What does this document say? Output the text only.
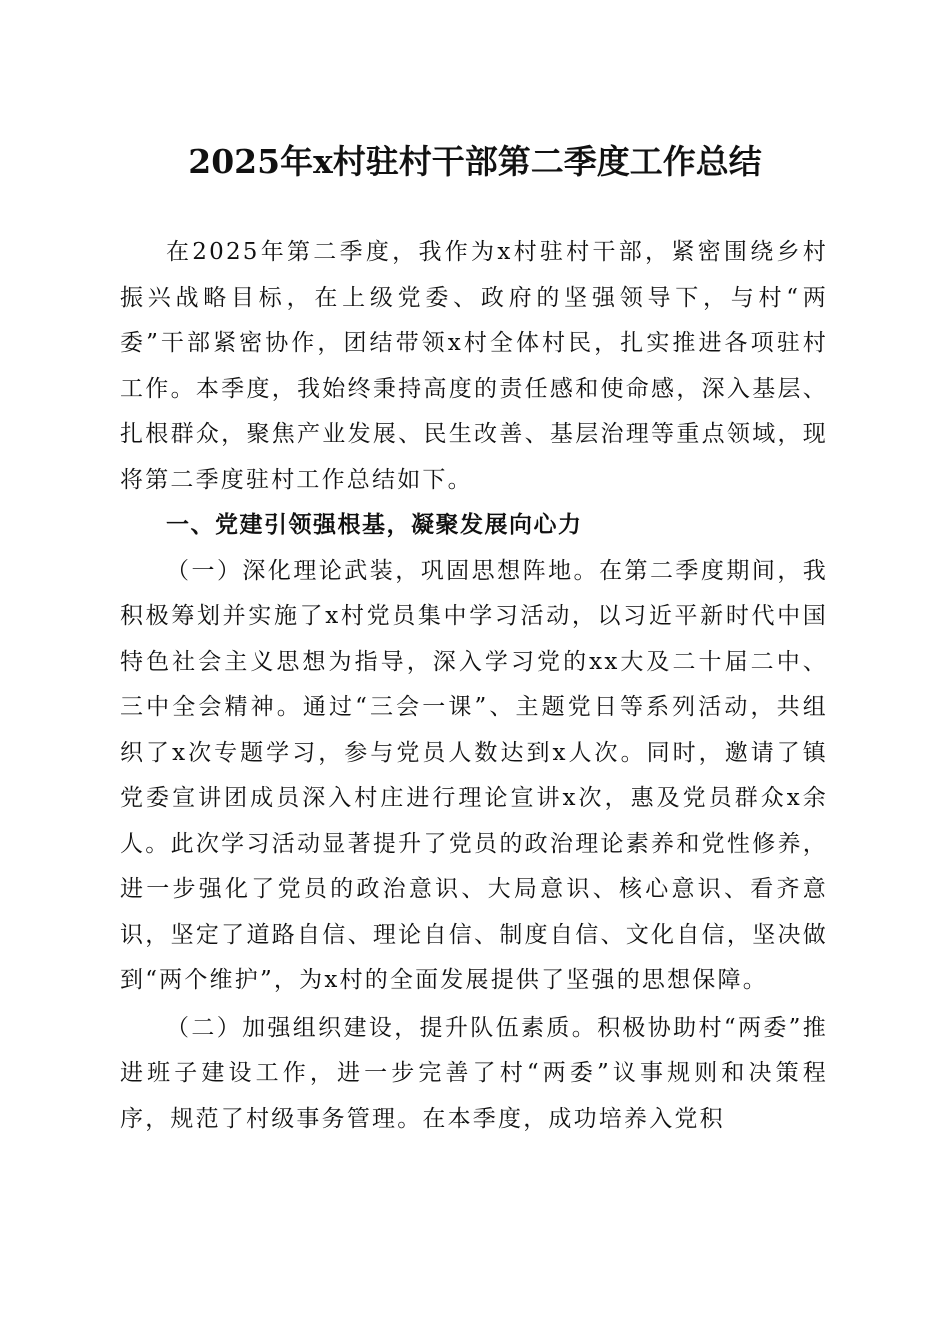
2025年x村驻村干部第二季度工作总结

在2025年第二季度，我作为x村驻村干部，紧密围绕乡村振兴战略目标，在上级党委、政府的坚强领导下，与村“两委”干部紧密协作，团结带领x村全体村民，扎实推进各项驻村工作。本季度，我始终秉持高度的责任感和使命感，深入基层、扎根群众，聚焦产业发展、民生改善、基层治理等重点领域，现将第二季度驻村工作总结如下。

一、党建引领强根基，凝聚发展向心力

（一）深化理论武装，巩固思想阵地。在第二季度期间，我积极筹划并实施了x村党员集中学习活动，以习近平新时代中国特色社会主义思想为指导，深入学习党的xx大及二十届二中、三中全会精神。通过“三会一课”、主题党日等系列活动，共组织了x次专题学习，参与党员人数达到x人次。同时，邀请了镇党委宣讲团成员深入村庄进行理论宣讲x次，惠及党员群众x余人。此次学习活动显著提升了党员的政治理论素养和党性修养，进一步强化了党员的政治意识、大局意识、核心意识、看齐意识，坚定了道路自信、理论自信、制度自信、文化自信，坚决做到“两个维护”，为x村的全面发展提供了坚强的思想保障。

（二）加强组织建设，提升队伍素质。积极协助村“两委”推进班子建设工作，进一步完善了村“两委”议事规则和决策程序，规范了村级事务管理。在本季度，成功培养入党积
